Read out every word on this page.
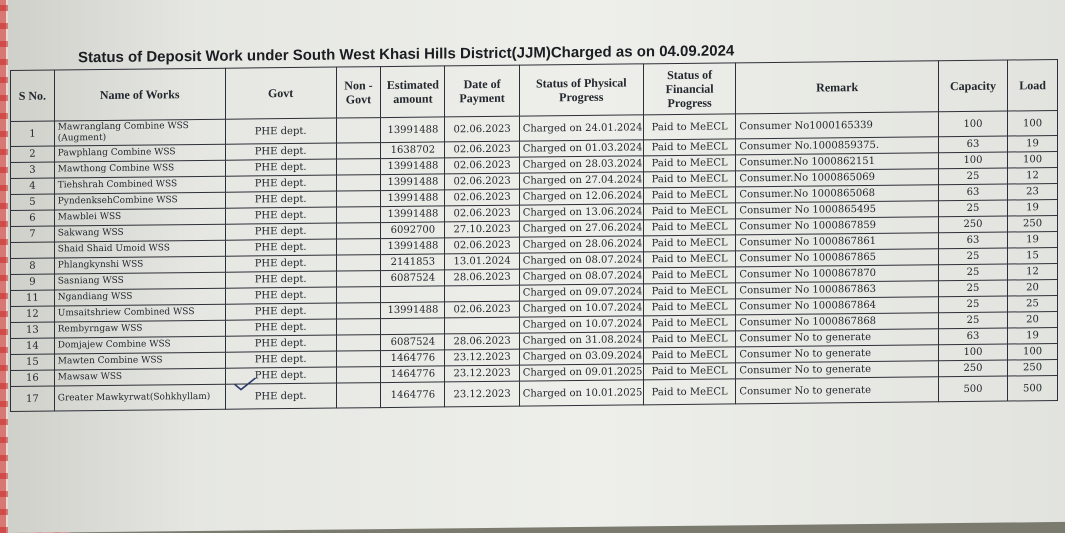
Status of Deposit Work under South West Khasi Hills District(JJM)Charged as on 04.09.2024
S No.	Name of Works	Govt	Non - Govt	Estimated amount	Date of Payment	Status of Physical Progress	Status of Financial Progress	Remark	Capacity	Load
1	Mawranglang Combine WSS (Augment)	PHE dept.		13991488	02.06.2023	Charged on 24.01.2024	Paid to MeECL	Consumer No1000165339	100	100
2	Pawphlang Combine WSS	PHE dept.		1638702	02.06.2023	Charged on 01.03.2024	Paid to MeECL	Consumer No.1000859375.	63	19
3	Mawthong Combine WSS	PHE dept.		13991488	02.06.2023	Charged on 28.03.2024	Paid to MeECL	Consumer.No 1000862151	100	100
4	Tiehshrah Combined WSS	PHE dept.		13991488	02.06.2023	Charged on 27.04.2024	Paid to MeECL	Consumer.No 1000865069	25	12
5	PyndenksehCombine WSS	PHE dept.		13991488	02.06.2023	Charged on 12.06.2024	Paid to MeECL	Consumer.No 1000865068	63	23
6	Mawblei WSS	PHE dept.		13991488	02.06.2023	Charged on 13.06.2024	Paid to MeECL	Consumer No 1000865495	25	19
7	Sakwang WSS	PHE dept.		6092700	27.10.2023	Charged on 27.06.2024	Paid to MeECL	Consumer No 1000867859	250	250
	Shaid Shaid Umoid WSS	PHE dept.		13991488	02.06.2023	Charged on 28.06.2024	Paid to MeECL	Consumer No 1000867861	63	19
8	Phlangkynshi WSS	PHE dept.		2141853	13.01.2024	Charged on 08.07.2024	Paid to MeECL	Consumer No 1000867865	25	15
9	Sasniang WSS	PHE dept.		6087524	28.06.2023	Charged on 08.07.2024	Paid to MeECL	Consumer No 1000867870	25	12
11	Ngandiang WSS	PHE dept.				Charged on 09.07.2024	Paid to MeECL	Consumer No 1000867863	25	20
12	Umsaitshriew Combined WSS	PHE dept.		13991488	02.06.2023	Charged on 10.07.2024	Paid to MeECL	Consumer No 1000867864	25	25
13	Rembyrngaw WSS	PHE dept.				Charged on 10.07.2024	Paid to MeECL	Consumer No 1000867868	25	20
14	Domjajew Combine WSS	PHE dept.		6087524	28.06.2023	Charged on 31.08.2024	Paid to MeECL	Consumer No to generate	63	19
15	Mawten Combine WSS	PHE dept.		1464776	23.12.2023	Charged on 03.09.2024	Paid to MeECL	Consumer No to generate	100	100
16	Mawsaw WSS	PHE dept.		1464776	23.12.2023	Charged on 09.01.2025	Paid to MeECL	Consumer No to generate	250	250
17	Greater Mawkyrwat(Sohkhyllam)	PHE dept.		1464776	23.12.2023	Charged on 10.01.2025	Paid to MeECL	Consumer No to generate	500	500
